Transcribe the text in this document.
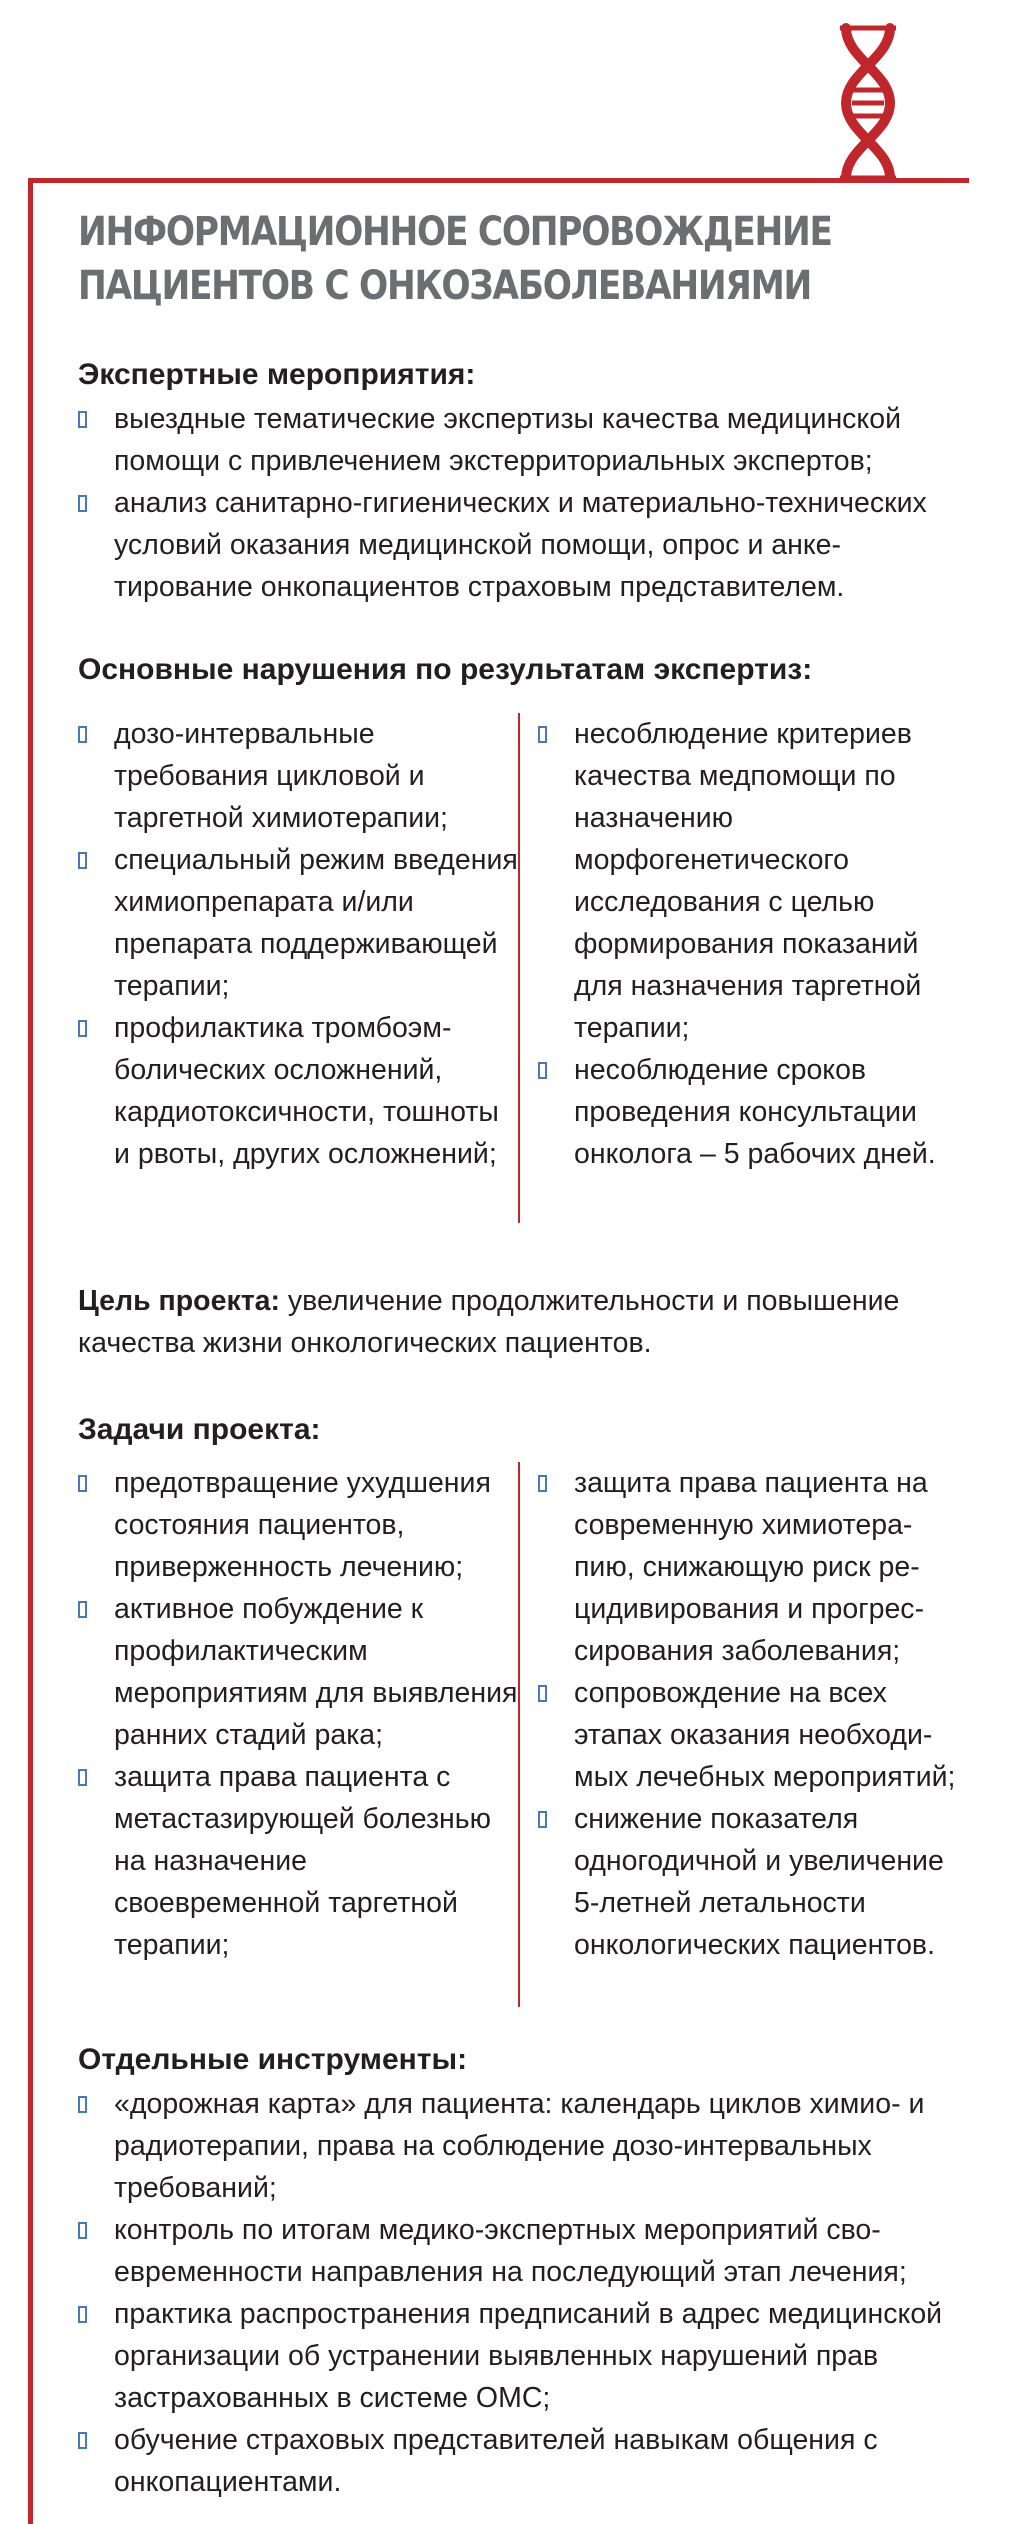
ИНФОРМАЦИОННОЕ СОПРОВОЖДЕНИЕ
ПАЦИЕНТОВ С ОНКОЗАБОЛЕВАНИЯМИ
Экспертные мероприятия:
выездные тематические экспертизы качества медицинской помощи с привлечением экстерриториальных экспертов;
анализ санитарно-гигиенических и материально-технических условий оказания медицинской помощи, опрос и анкетирование онкопациентов страховым представителем.
Основные нарушения по результатам экспертиз:
дозо-интервальные требования цикловой и таргетной химиотерапии;
специальный режим введения химиопрепарата и/или препарата поддерживающей терапии;
профилактика тромбоэмболических осложнений, кардиотоксичности, тошноты и рвоты, других осложнений;
несоблюдение критериев качества медпомощи по назначению морфогенетического исследования с целью формирования показаний для назначения таргетной терапии;
несоблюдение сроков проведения консультации онколога – 5 рабочих дней.
Цель проекта: увеличение продолжительности и повышение качества жизни онкологических пациентов.
Задачи проекта:
предотвращение ухудшения состояния пациентов, приверженность лечению;
активное побуждение к профилактическим мероприятиям для выявления ранних стадий рака;
защита права пациента с метастазирующей болезнью на назначение своевременной таргетной терапии;
защита права пациента на современную химиотерапию, снижающую риск рецидивирования и прогрессирования заболевания;
сопровождение на всех этапах оказания необходимых лечебных мероприятий;
снижение показателя одногодичной и увеличение 5-летней летальности онкологических пациентов.
Отдельные инструменты:
«дорожная карта» для пациента: календарь циклов химио- и радиотерапии, права на соблюдение дозо-интервальных требований;
контроль по итогам медико-экспертных мероприятий своевременности направления на последующий этап лечения;
практика распространения предписаний в адрес медицинской организации об устранении выявленных нарушений прав застрахованных в системе ОМС;
обучение страховых представителей навыкам общения с онкопациентами.
